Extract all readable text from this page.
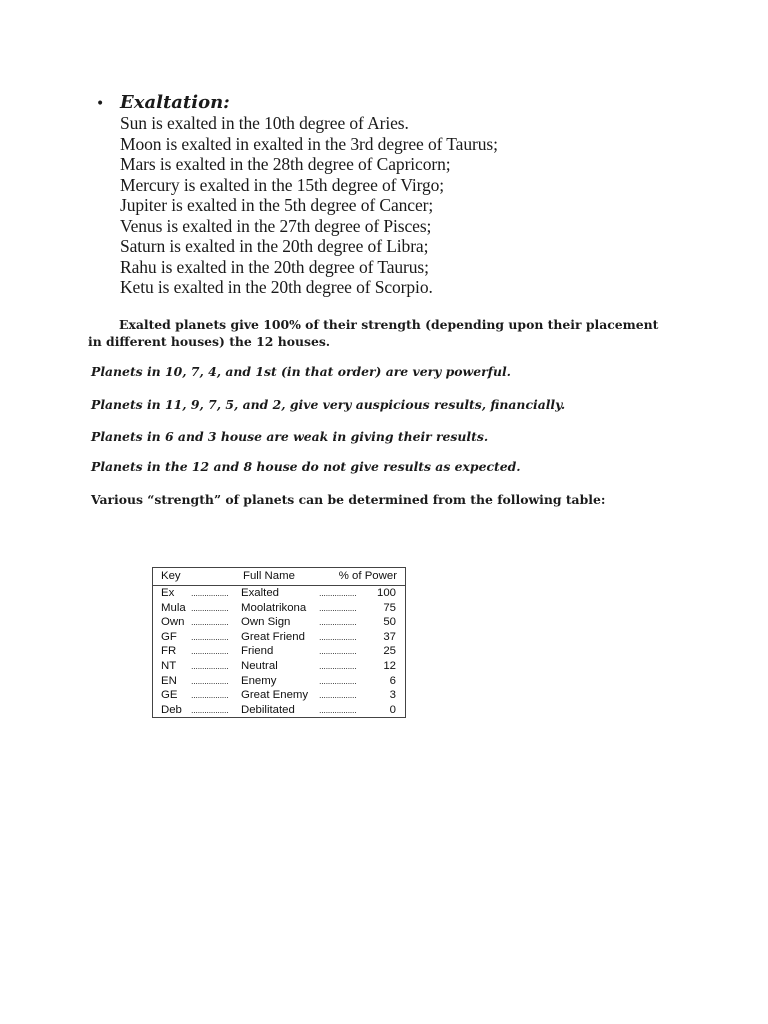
• Exaltation:
Sun is exalted in the 10th degree of Aries.
Moon is exalted in exalted in the 3rd degree of Taurus;
Mars is exalted in the 28th degree of Capricorn;
Mercury is exalted in the 15th degree of Virgo;
Jupiter is exalted in the 5th degree of Cancer;
Venus is exalted in the 27th degree of Pisces;
Saturn is exalted in the 20th degree of Libra;
Rahu is exalted in the 20th degree of Taurus;
Ketu is exalted in the 20th degree of Scorpio.
Exalted planets give 100% of their strength (depending upon their placement
in different houses) the 12 houses.
Planets in 10, 7, 4, and 1st (in that order) are very powerful.
Planets in 11, 9, 7, 5, and 2, give very auspicious results, financially.
Planets in 6 and 3 house are weak in giving their results.
Planets in the 12 and 8 house do not give results as expected.
Various “strength” of planets can be determined from the following table:
Key	Full Name	% of Power
Ex ................. Exalted	................. 100
Mula ................. Moolatrikona ................. 75
Own ................. Own Sign	................. 50
GF ................. Great Friend ................. 37
FR ................. Friend	................. 25
NT ................. Neutral	................. 12
EN ................. Enemy	.................	6
GE ................. Great Enemy .................	3
Deb ................. Debilitated	.................	0
